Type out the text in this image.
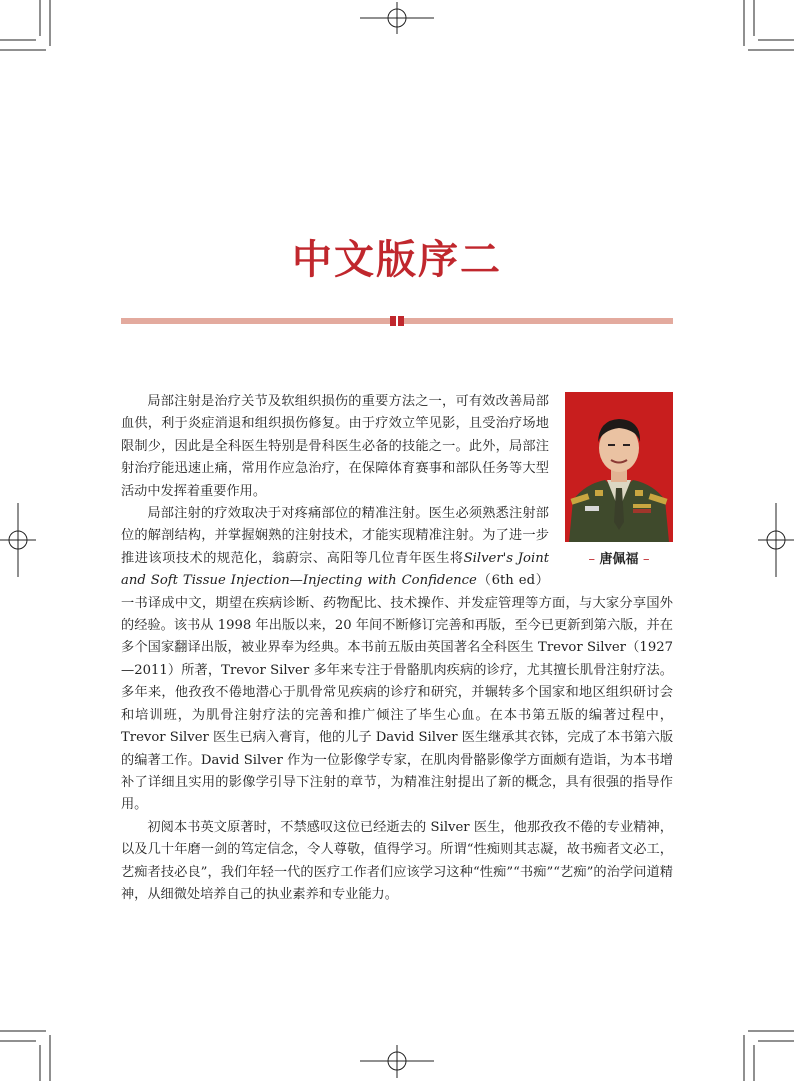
中文版序二
– 唐佩福 –

局部注射是治疗关节及软组织损伤的重要方法之一，可有效改善局部血供，利于炎症消退和组织损伤修复。由于疗效立竿见影，且受治疗场地限制少，因此是全科医生特别是骨科医生必备的技能之一。此外，局部注射治疗能迅速止痛，常用作应急治疗，在保障体育赛事和部队任务等大型活动中发挥着重要作用。

局部注射的疗效取决于对疼痛部位的精准注射。医生必须熟悉注射部位的解剖结构，并掌握娴熟的注射技术，才能实现精准注射。为了进一步推进该项技术的规范化，翁蔚宗、高阳等几位青年医生将Silver's Joint and Soft Tissue Injection—Injecting with Confidence（6th ed）一书译成中文，期望在疾病诊断、药物配比、技术操作、并发症管理等方面，与大家分享国外的经验。该书从 1998 年出版以来，20 年间不断修订完善和再版，至今已更新到第六版，并在多个国家翻译出版，被业界奉为经典。本书前五版由英国著名全科医生 Trevor Silver（1927—2011）所著，Trevor Silver 多年来专注于骨骼肌肉疾病的诊疗，尤其擅长肌骨注射疗法。多年来，他孜孜不倦地潜心于肌骨常见疾病的诊疗和研究，并辗转多个国家和地区组织研讨会和培训班，为肌骨注射疗法的完善和推广倾注了毕生心血。在本书第五版的编著过程中，Trevor Silver 医生已病入膏肓，他的儿子 David Silver 医生继承其衣钵，完成了本书第六版的编著工作。David Silver 作为一位影像学专家，在肌肉骨骼影像学方面颇有造诣，为本书增补了详细且实用的影像学引导下注射的章节，为精准注射提出了新的概念，具有很强的指导作用。

初阅本书英文原著时，不禁感叹这位已经逝去的 Silver 医生，他那孜孜不倦的专业精神，以及几十年磨一剑的笃定信念，令人尊敬，值得学习。所谓“性痴则其志凝，故书痴者文必工，艺痴者技必良”，我们年轻一代的医疗工作者们应该学习这种“性痴”“书痴”“艺痴”的治学问道精神，从细微处培养自己的执业素养和专业能力。
